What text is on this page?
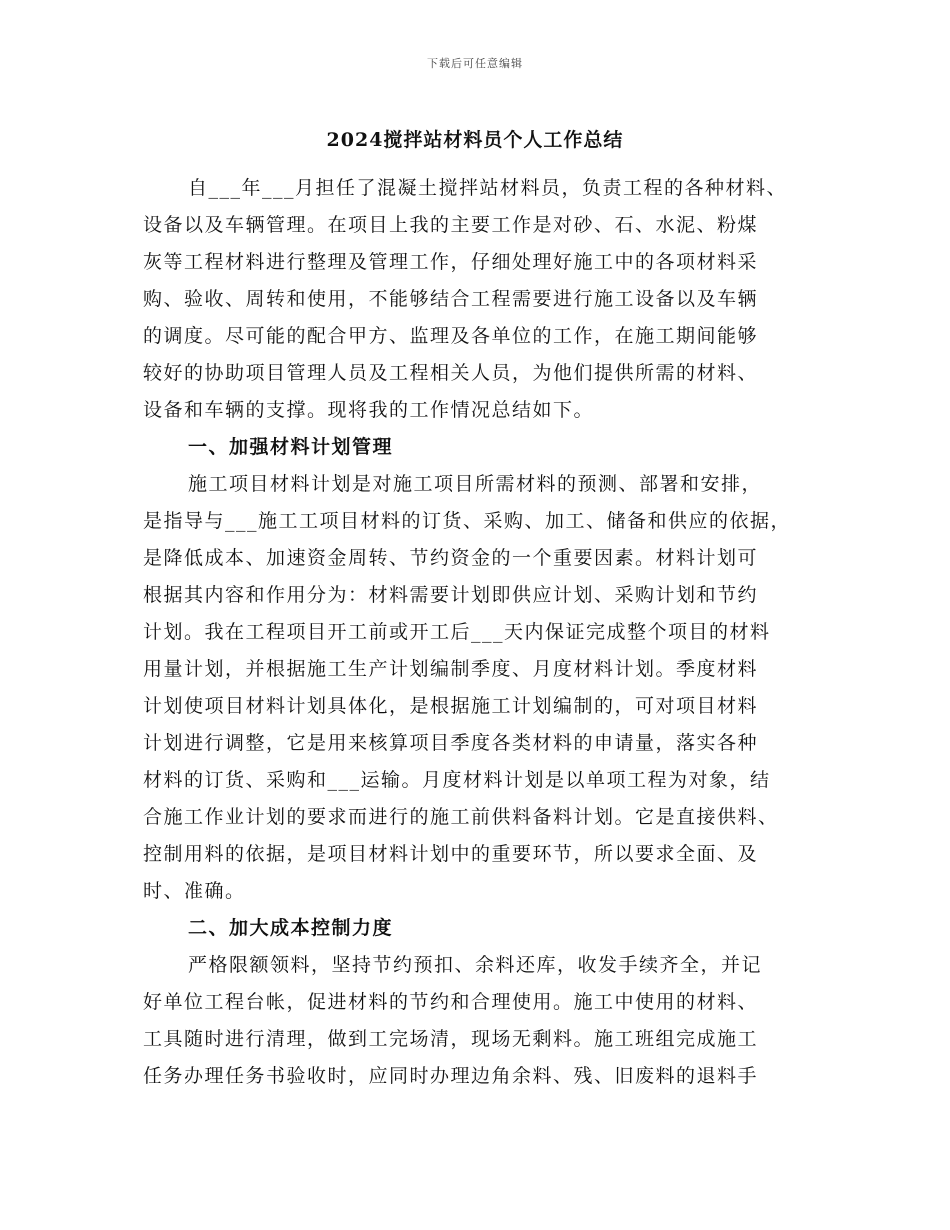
下载后可任意编辑
2024搅拌站材料员个人工作总结
自___年___月担任了混凝土搅拌站材料员，负责工程的各种材料、
设备以及车辆管理。在项目上我的主要工作是对砂、石、水泥、粉煤
灰等工程材料进行整理及管理工作，仔细处理好施工中的各项材料采
购、验收、周转和使用，不能够结合工程需要进行施工设备以及车辆
的调度。尽可能的配合甲方、监理及各单位的工作，在施工期间能够
较好的协助项目管理人员及工程相关人员，为他们提供所需的材料、
设备和车辆的支撑。现将我的工作情况总结如下。
一、加强材料计划管理
施工项目材料计划是对施工项目所需材料的预测、部署和安排，
是指导与___施工工项目材料的订货、采购、加工、储备和供应的依据，
是降低成本、加速资金周转、节约资金的一个重要因素。材料计划可
根据其内容和作用分为：材料需要计划即供应计划、采购计划和节约
计划。我在工程项目开工前或开工后___天内保证完成整个项目的材料
用量计划，并根据施工生产计划编制季度、月度材料计划。季度材料
计划使项目材料计划具体化，是根据施工计划编制的，可对项目材料
计划进行调整，它是用来核算项目季度各类材料的申请量，落实各种
材料的订货、采购和___运输。月度材料计划是以单项工程为对象，结
合施工作业计划的要求而进行的施工前供料备料计划。它是直接供料、
控制用料的依据，是项目材料计划中的重要环节，所以要求全面、及
时、准确。
二、加大成本控制力度
严格限额领料，坚持节约预扣、余料还库，收发手续齐全，并记
好单位工程台帐，促进材料的节约和合理使用。施工中使用的材料、
工具随时进行清理，做到工完场清，现场无剩料。施工班组完成施工
任务办理任务书验收时，应同时办理边角余料、残、旧废料的退料手
